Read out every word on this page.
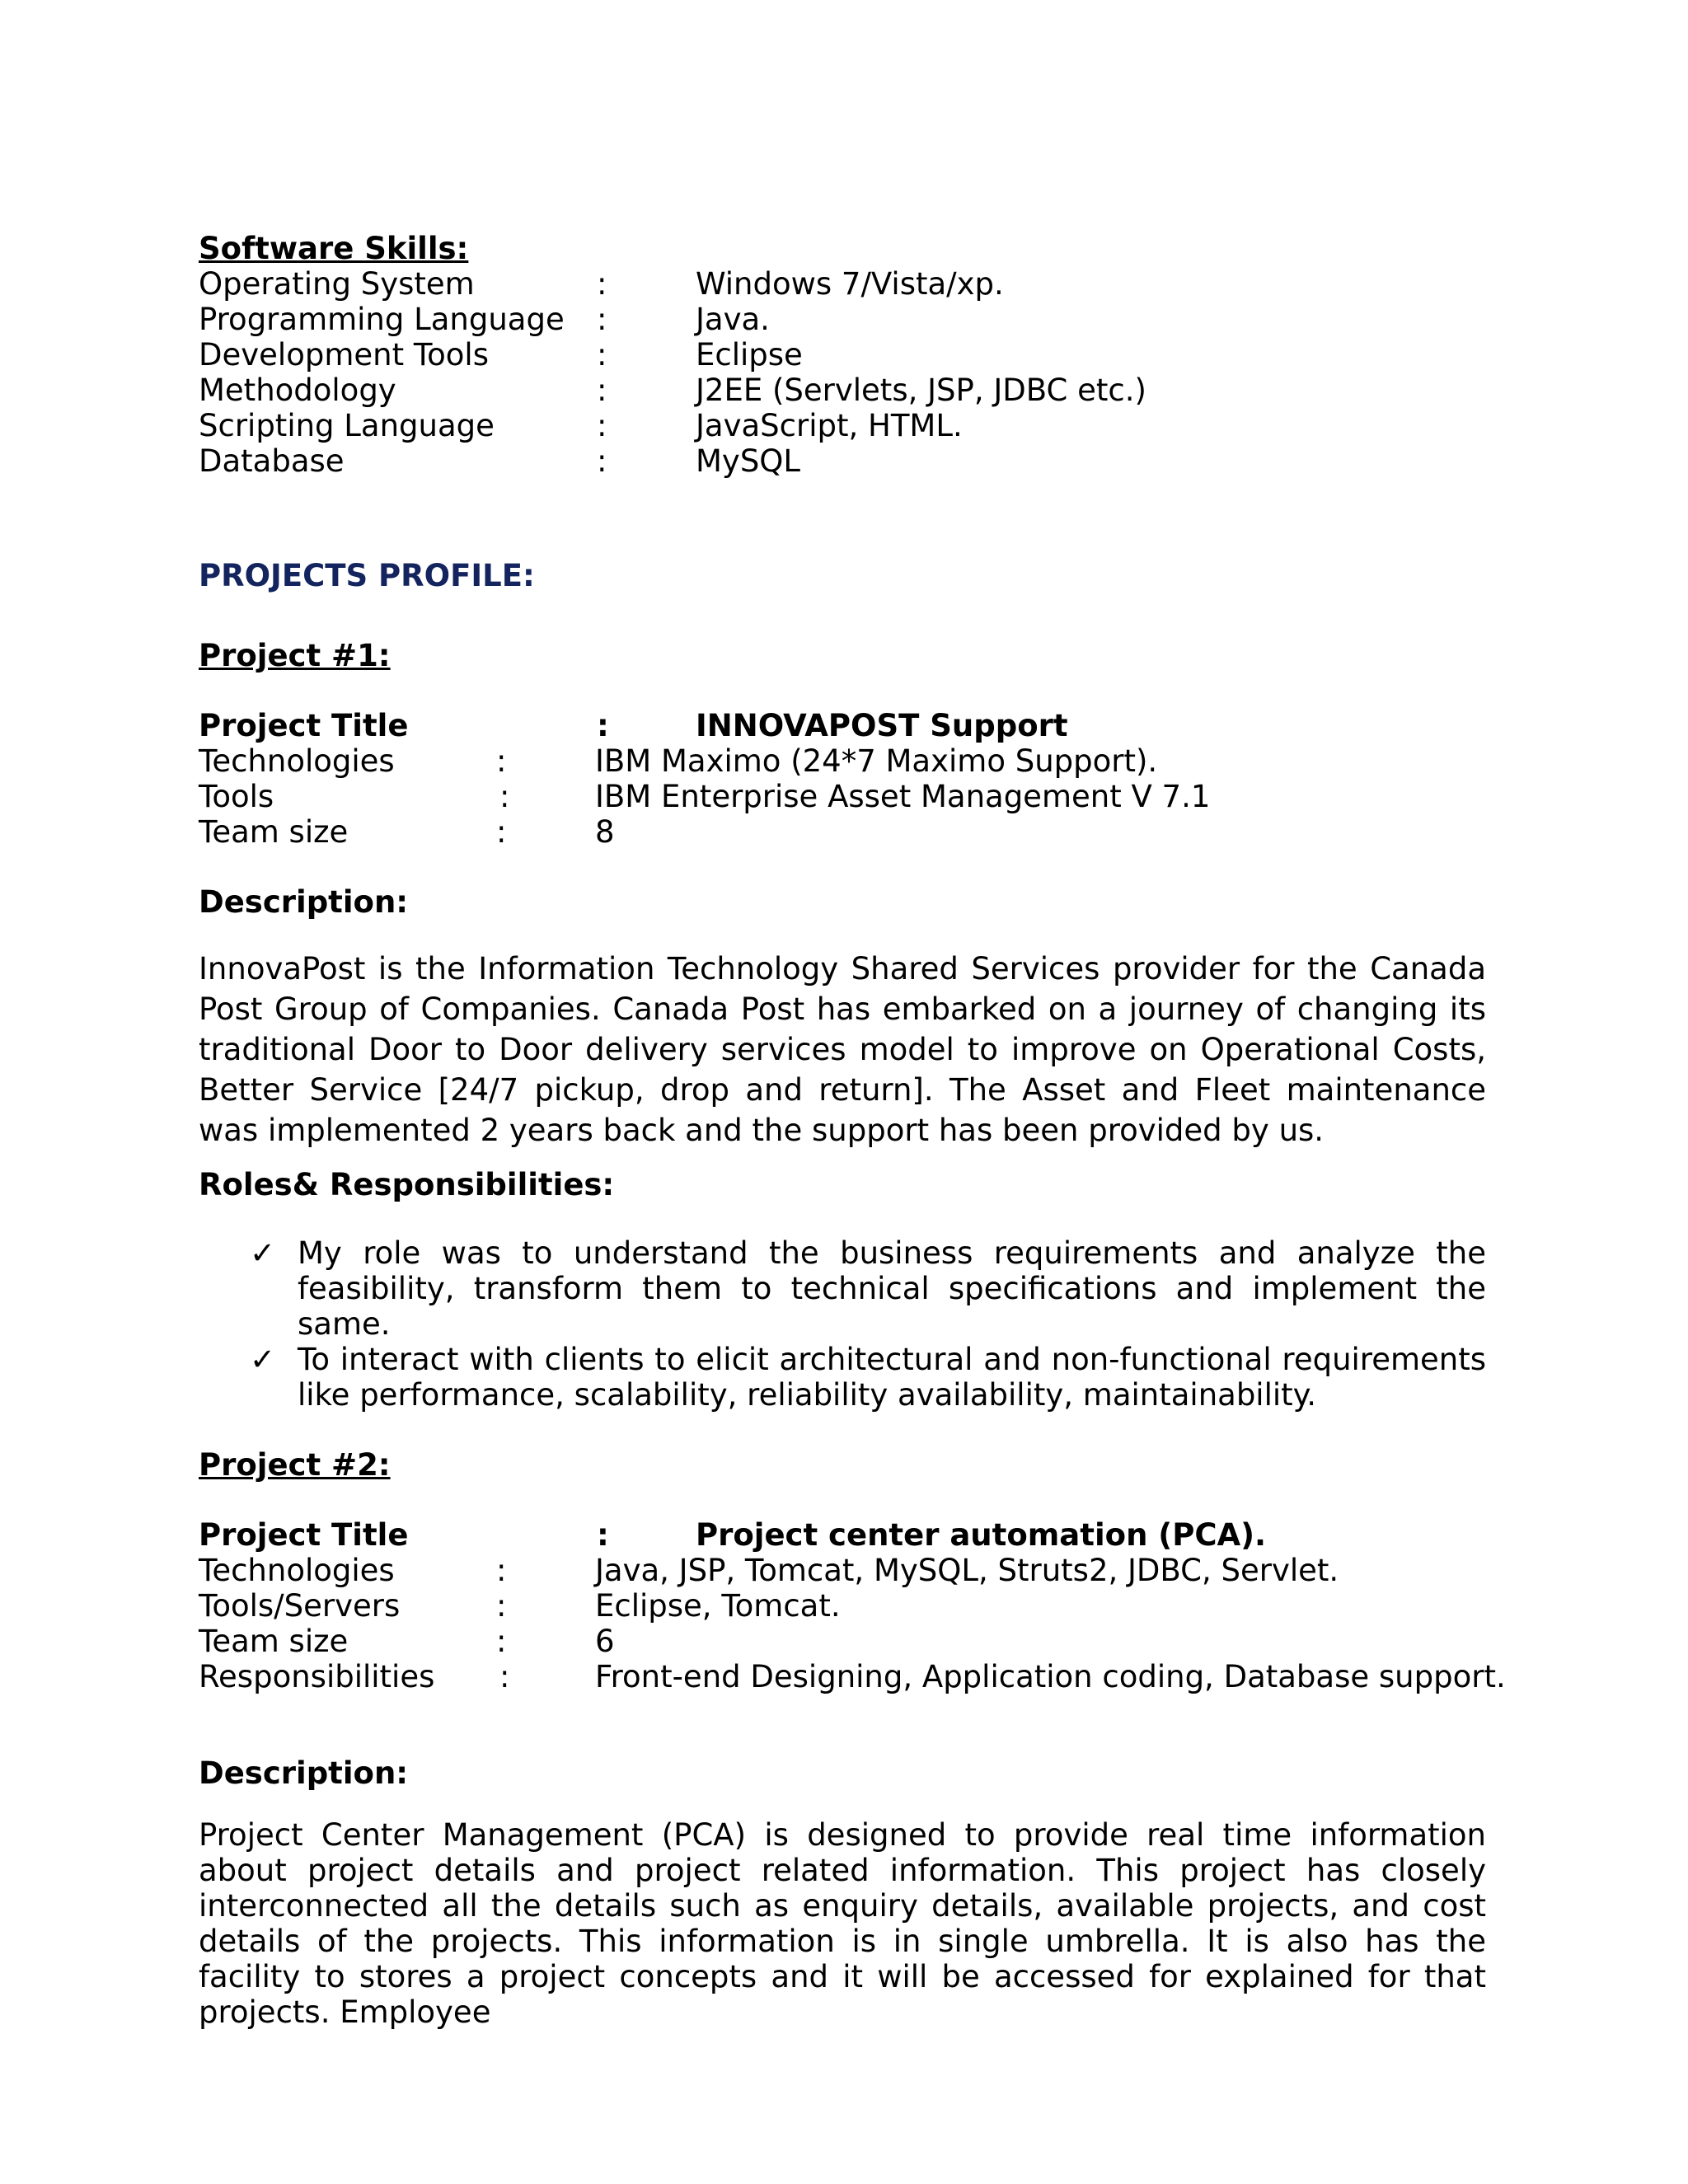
Software Skills:
Operating System	:	Windows 7/Vista/xp.
Programming Language :	Java.
Development Tools	:	Eclipse
Methodology	:	J2EE (Servlets, JSP, JDBC etc.)
Scripting Language	:	JavaScript, HTML.
Database	:	MySQL
PROJECTS PROFILE:
Project #1:
Project Title	:	INNOVAPOST Support
Technologies	:	IBM Maximo (24*7 Maximo Support).
Tools	:	IBM Enterprise Asset Management V 7.1
Team size	:	8
Description:

InnovaPost is the Information Technology Shared Services provider for the Canada Post Group of Companies. Canada Post has embarked on a journey of changing its traditional Door to Door delivery services model to improve on Operational Costs, Better Service [24/7 pickup, drop and return]. The Asset and Fleet maintenance was implemented 2 years back and the support has been provided by us.

Roles& Responsibilities:
✓ My role was to understand the business requirements and analyze the feasibility, transform them to technical specifications and implement the same.
✓ To interact with clients to elicit architectural and non-functional requirements like performance, scalability, reliability availability, maintainability.
Project #2:
Project Title	:	Project center automation (PCA).
Technologies	:	Java, JSP, Tomcat, MySQL, Struts2, JDBC, Servlet.
Tools/Servers	:	Eclipse, Tomcat.
Team size	:	6
Responsibilities :	Front-end Designing, Application coding, Database support.
Description:

Project Center Management (PCA) is designed to provide real time information about project details and project related information. This project has closely interconnected all the details such as enquiry details, available projects, and cost details of the projects. This information is in single umbrella. It is also has the facility to stores a project concepts and it will be accessed for explained for that projects. Employee
